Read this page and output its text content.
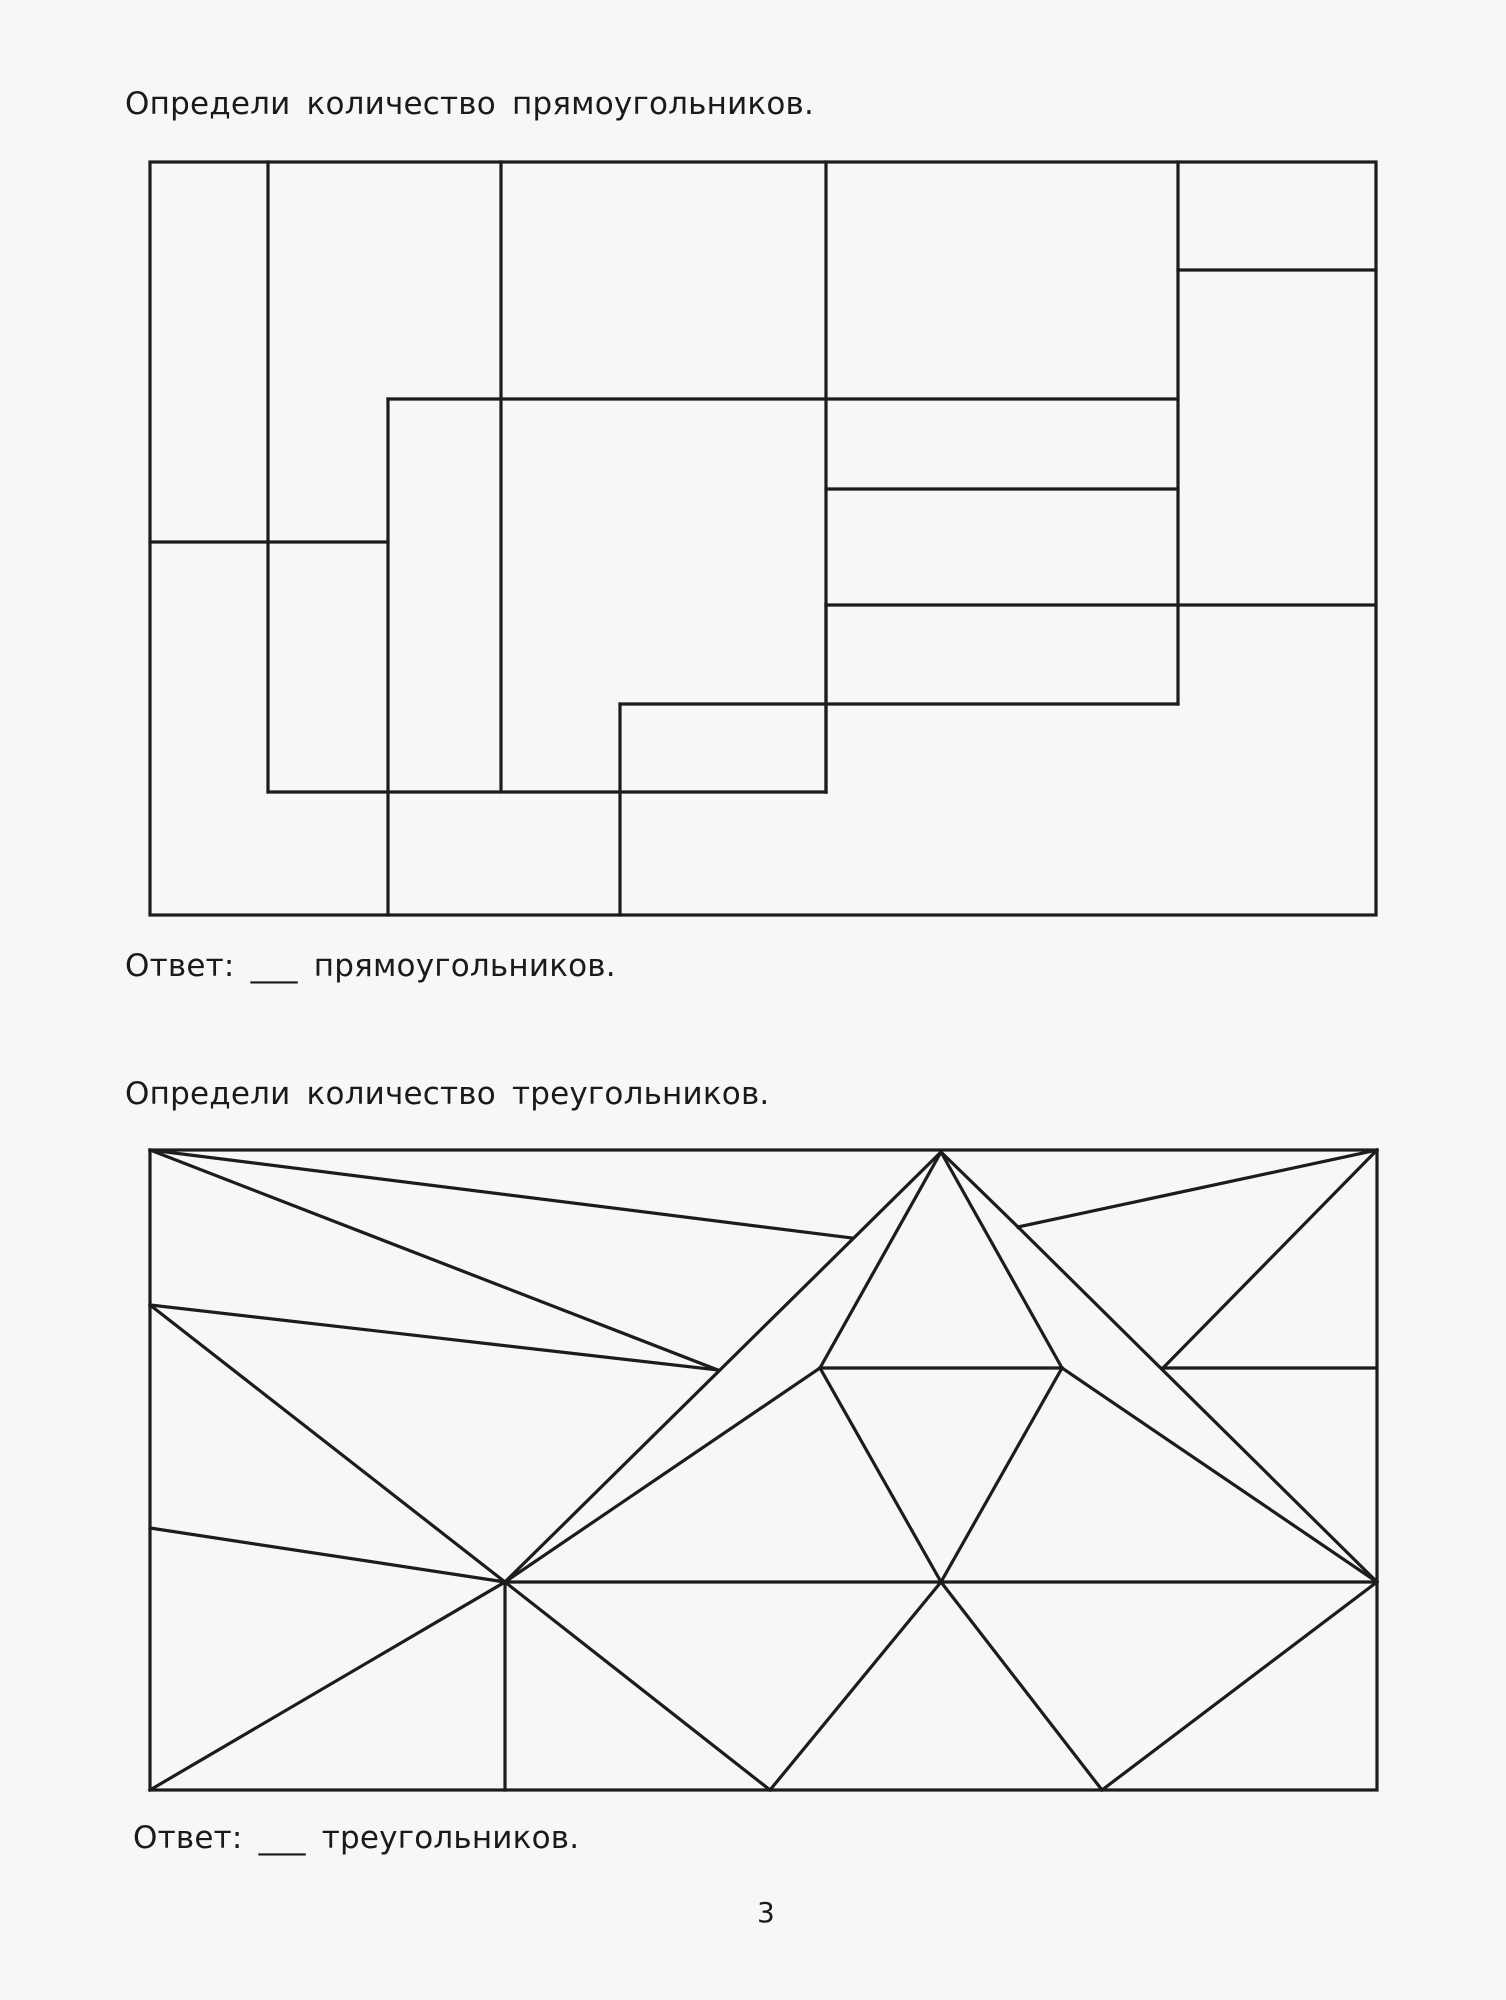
Определи количество прямоугольников.

Ответ: ___ прямоугольников.

Определи количество треугольников.

Ответ: ___ треугольников.

3
